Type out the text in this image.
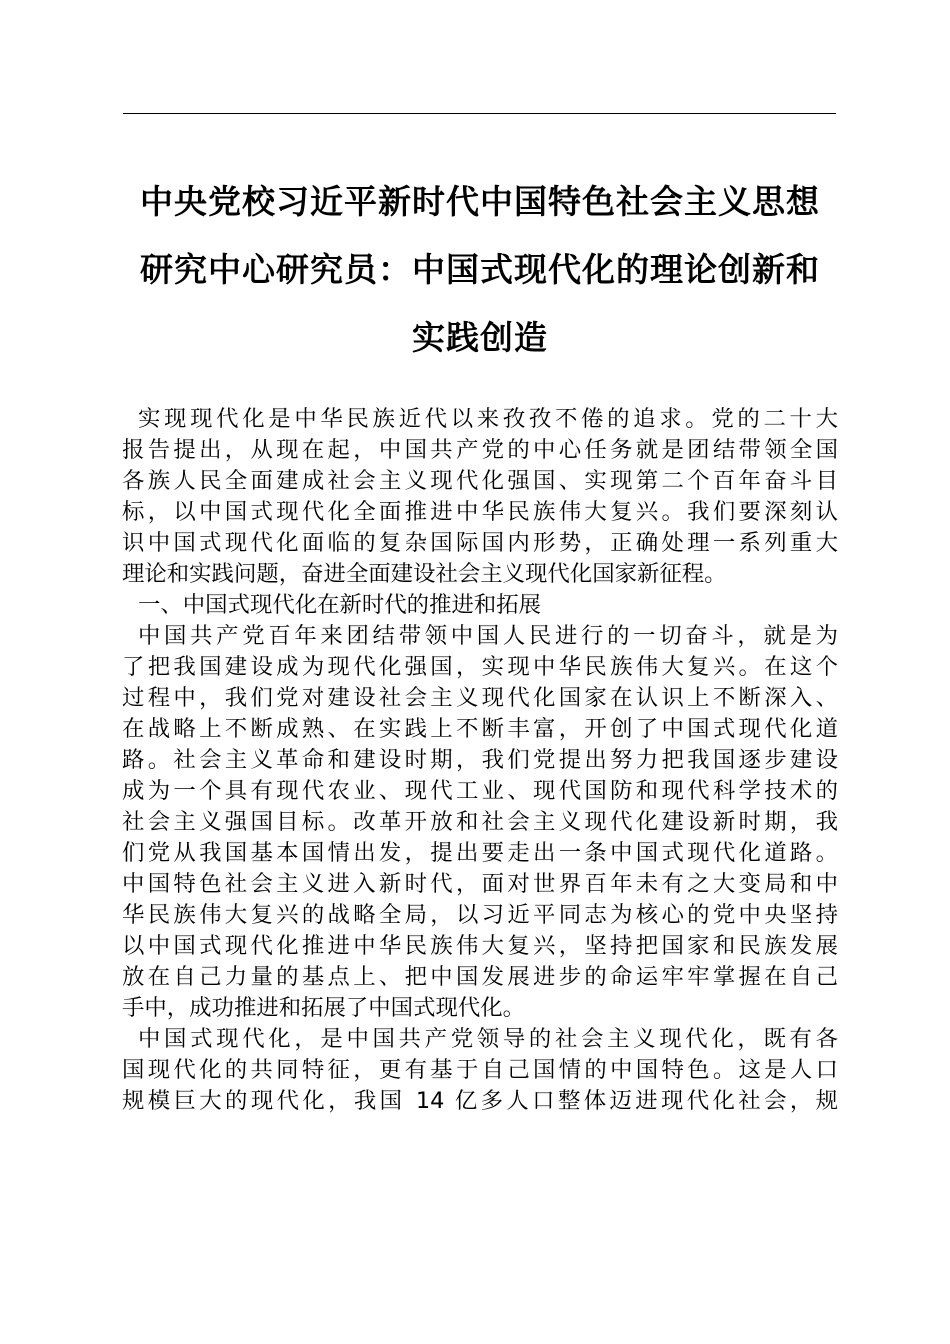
中央党校习近平新时代中国特色社会主义思想
研究中心研究员：中国式现代化的理论创新和
实践创造

实现现代化是中华民族近代以来孜孜不倦的追求。党的二十大
报告提出，从现在起，中国共产党的中心任务就是团结带领全国
各族人民全面建成社会主义现代化强国、实现第二个百年奋斗目
标，以中国式现代化全面推进中华民族伟大复兴。我们要深刻认
识中国式现代化面临的复杂国际国内形势，正确处理一系列重大
理论和实践问题，奋进全面建设社会主义现代化国家新征程。

一、中国式现代化在新时代的推进和拓展

中国共产党百年来团结带领中国人民进行的一切奋斗，就是为
了把我国建设成为现代化强国，实现中华民族伟大复兴。在这个
过程中，我们党对建设社会主义现代化国家在认识上不断深入、
在战略上不断成熟、在实践上不断丰富，开创了中国式现代化道
路。社会主义革命和建设时期，我们党提出努力把我国逐步建设
成为一个具有现代农业、现代工业、现代国防和现代科学技术的
社会主义强国目标。改革开放和社会主义现代化建设新时期，我
们党从我国基本国情出发，提出要走出一条中国式现代化道路。
中国特色社会主义进入新时代，面对世界百年未有之大变局和中
华民族伟大复兴的战略全局，以习近平同志为核心的党中央坚持
以中国式现代化推进中华民族伟大复兴，坚持把国家和民族发展
放在自己力量的基点上、把中国发展进步的命运牢牢掌握在自己
手中，成功推进和拓展了中国式现代化。

中国式现代化，是中国共产党领导的社会主义现代化，既有各
国现代化的共同特征，更有基于自己国情的中国特色。这是人口
规模巨大的现代化，我国 14 亿多人口整体迈进现代化社会，规
